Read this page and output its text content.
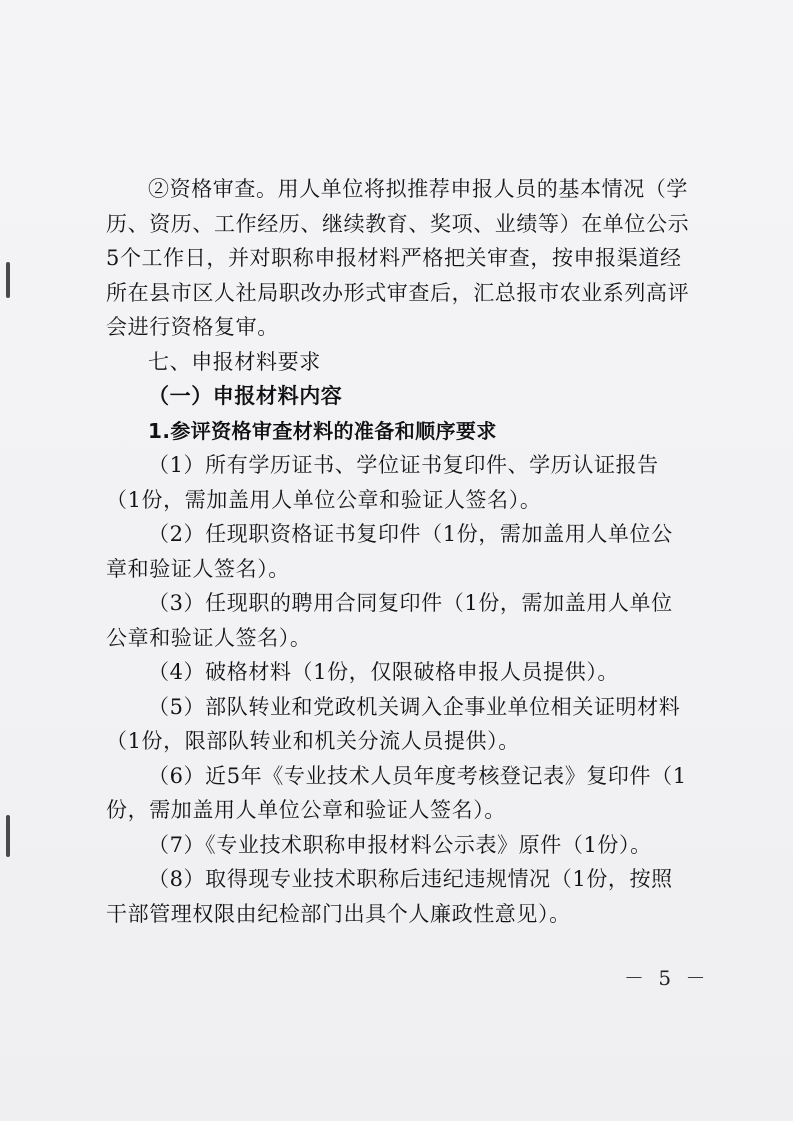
②资格审查。用人单位将拟推荐申报人员的基本情况（学历、资历、工作经历、继续教育、奖项、业绩等）在单位公示5个工作日，并对职称申报材料严格把关审查，按申报渠道经所在县市区人社局职改办形式审查后，汇总报市农业系列高评会进行资格复审。

七、申报材料要求

（一）申报材料内容

1.参评资格审查材料的准备和顺序要求

（1）所有学历证书、学位证书复印件、学历认证报告（1份，需加盖用人单位公章和验证人签名）。

（2）任现职资格证书复印件（1份，需加盖用人单位公章和验证人签名）。

（3）任现职的聘用合同复印件（1份，需加盖用人单位公章和验证人签名）。

（4）破格材料（1份，仅限破格申报人员提供）。

（5）部队转业和党政机关调入企事业单位相关证明材料（1份，限部队转业和机关分流人员提供）。

（6）近5年《专业技术人员年度考核登记表》复印件（1份，需加盖用人单位公章和验证人签名）。

（7）《专业技术职称申报材料公示表》原件（1份）。

（8）取得现专业技术职称后违纪违规情况（1份，按照干部管理权限由纪检部门出具个人廉政性意见）。

－ 5 －
